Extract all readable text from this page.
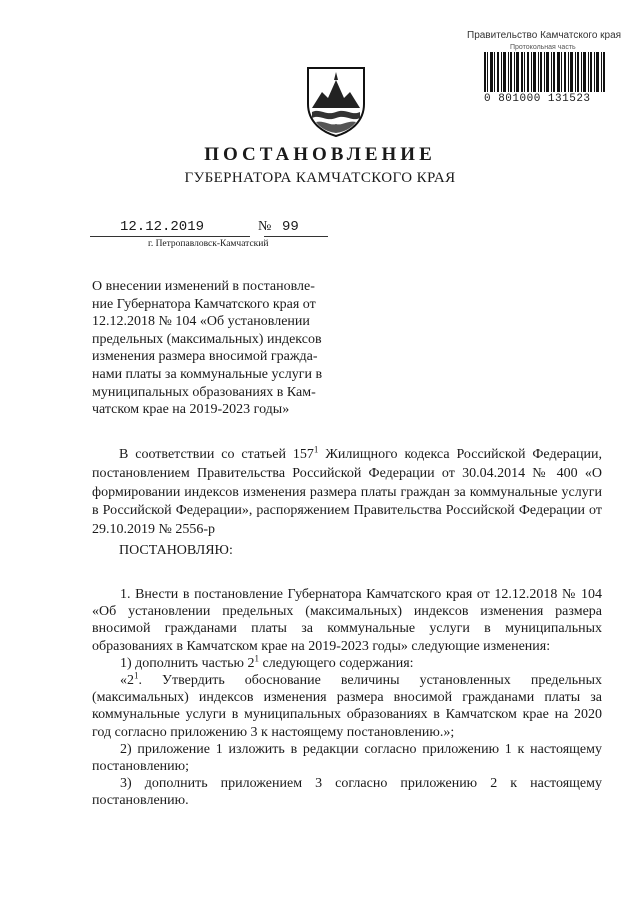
Правительство Камчатского края
Протокольная часть
0 801000 131523
ПОСТАНОВЛЕНИЕ
ГУБЕРНАТОРА КАМЧАТСКОГО КРАЯ
12.12.2019	№ 99
г. Петропавловск-Камчатский
О внесении изменений в постановле-
ние Губернатора Камчатского края от
12.12.2018 № 104 «Об установлении
предельных (максимальных) индексов
изменения размера вносимой гражда-
нами платы за коммунальные услуги в
муниципальных образованиях в Кам-
чатском крае на 2019-2023 годы»
В соответствии со статьей $157^1$ Жилищного кодекса Российской Федерации, постановлением Правительства Российской Федерации от 30.04.2014 № 400 «О формировании индексов изменения размера платы граждан за коммунальные услуги в Российской Федерации», распоряжением Правительства Российской Федерации от 29.10.2019 № 2556-р
ПОСТАНОВЛЯЮ:

1. Внести в постановление Губернатора Камчатского края от 12.12.2018 № 104 «Об установлении предельных (максимальных) индексов изменения размера вносимой гражданами платы за коммунальные услуги в муниципальных образованиях в Камчатском крае на 2019-2023 годы» следующие изменения:

1) дополнить частью $2^1$ следующего содержания:

«$2^1$. Утвердить обоснование величины установленных предельных (максимальных) индексов изменения размера вносимой гражданами платы за коммунальные услуги в муниципальных образованиях в Камчатском крае на 2020 год согласно приложению 3 к настоящему постановлению.»;

2) приложение 1 изложить в редакции согласно приложению 1 к настоящему постановлению;

3) дополнить приложением 3 согласно приложению 2 к настоящему постановлению.
